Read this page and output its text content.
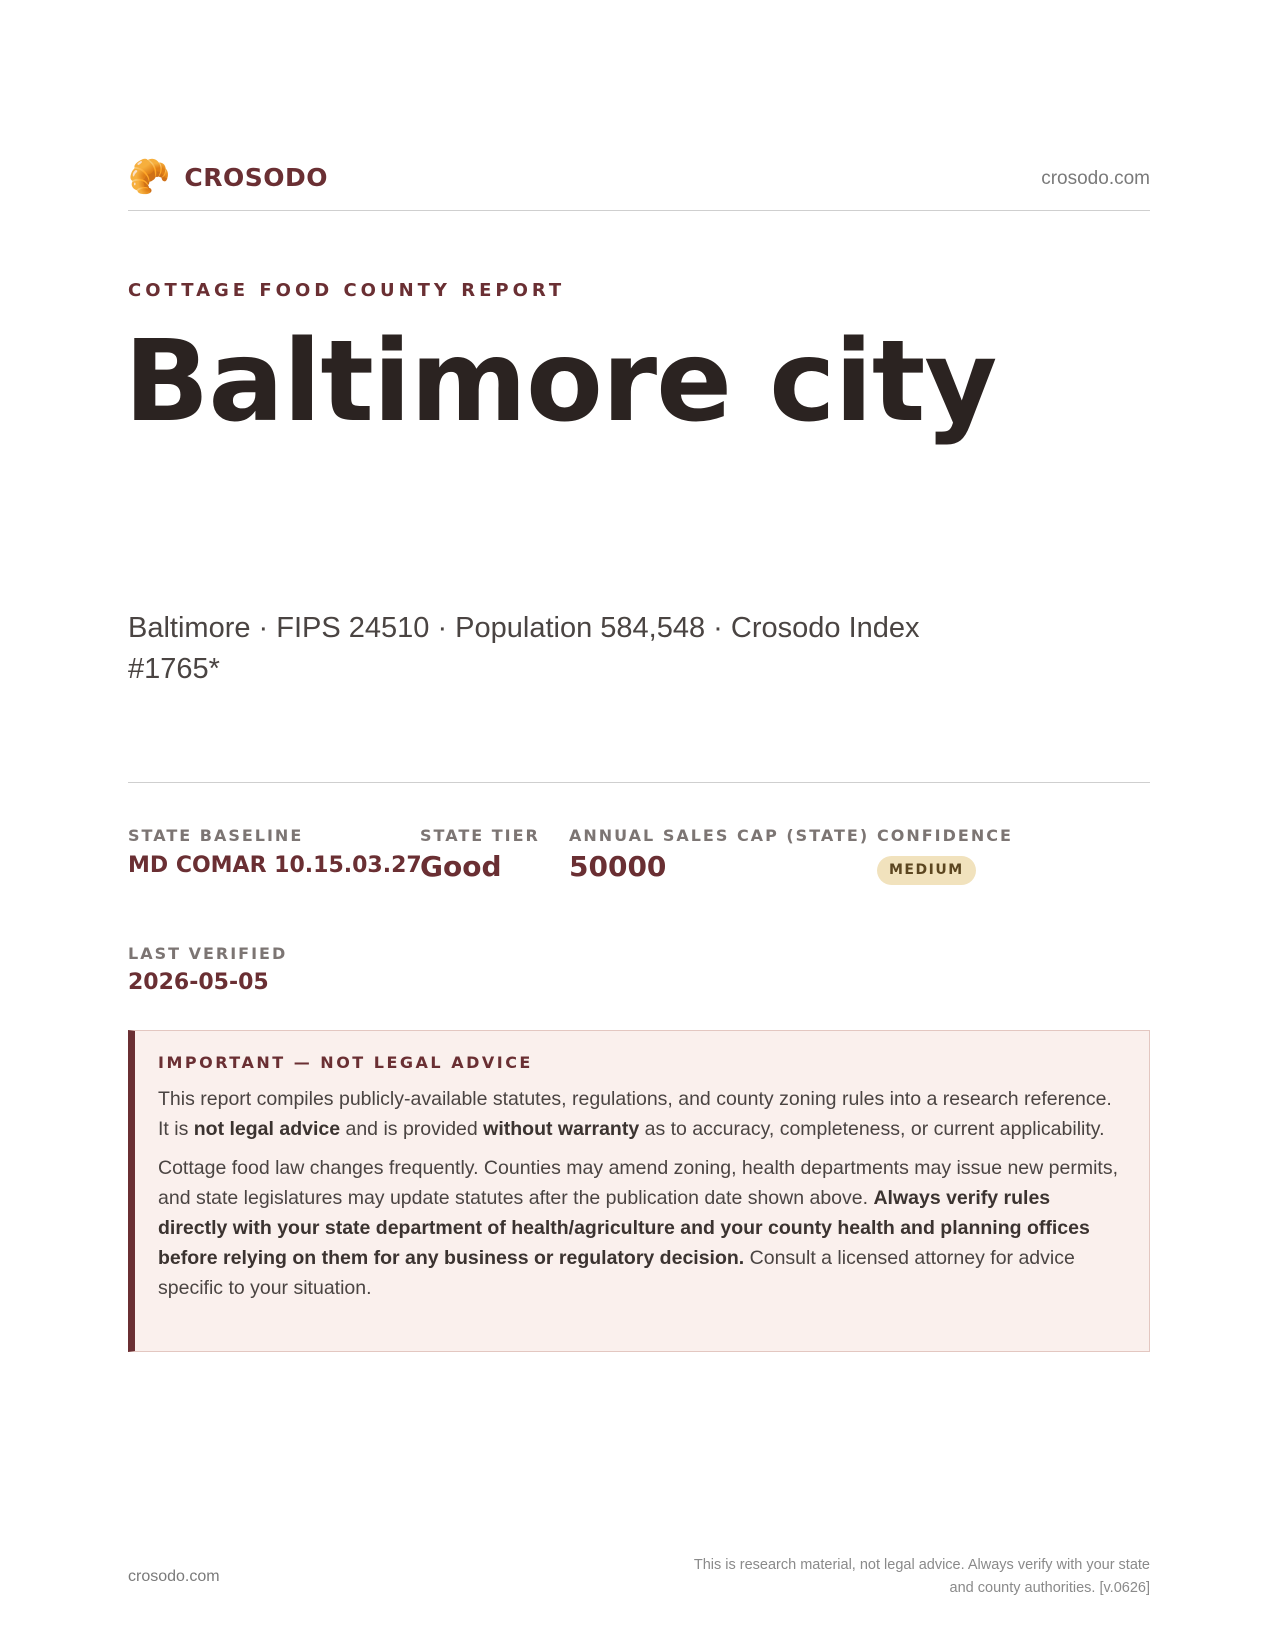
🥐 CROSODO	crosodo.com
COTTAGE FOOD COUNTY REPORT
Baltimore city
Baltimore · FIPS 24510 · Population 584,548 · Crosodo Index #1765*
STATE BASELINE
MD COMAR 10.15.03.27
STATE TIER
Good
ANNUAL SALES CAP (STATE)
50000
CONFIDENCE
MEDIUM
LAST VERIFIED
2026-05-05
IMPORTANT — NOT LEGAL ADVICE

This report compiles publicly-available statutes, regulations, and county zoning rules into a research reference. It is not legal advice and is provided without warranty as to accuracy, completeness, or current applicability.

Cottage food law changes frequently. Counties may amend zoning, health departments may issue new permits, and state legislatures may update statutes after the publication date shown above. Always verify rules directly with your state department of health/agriculture and your county health and planning offices before relying on them for any business or regulatory decision. Consult a licensed attorney for advice specific to your situation.

crosodo.com
This is research material, not legal advice. Always verify with your state
and county authorities. [v.0626]
